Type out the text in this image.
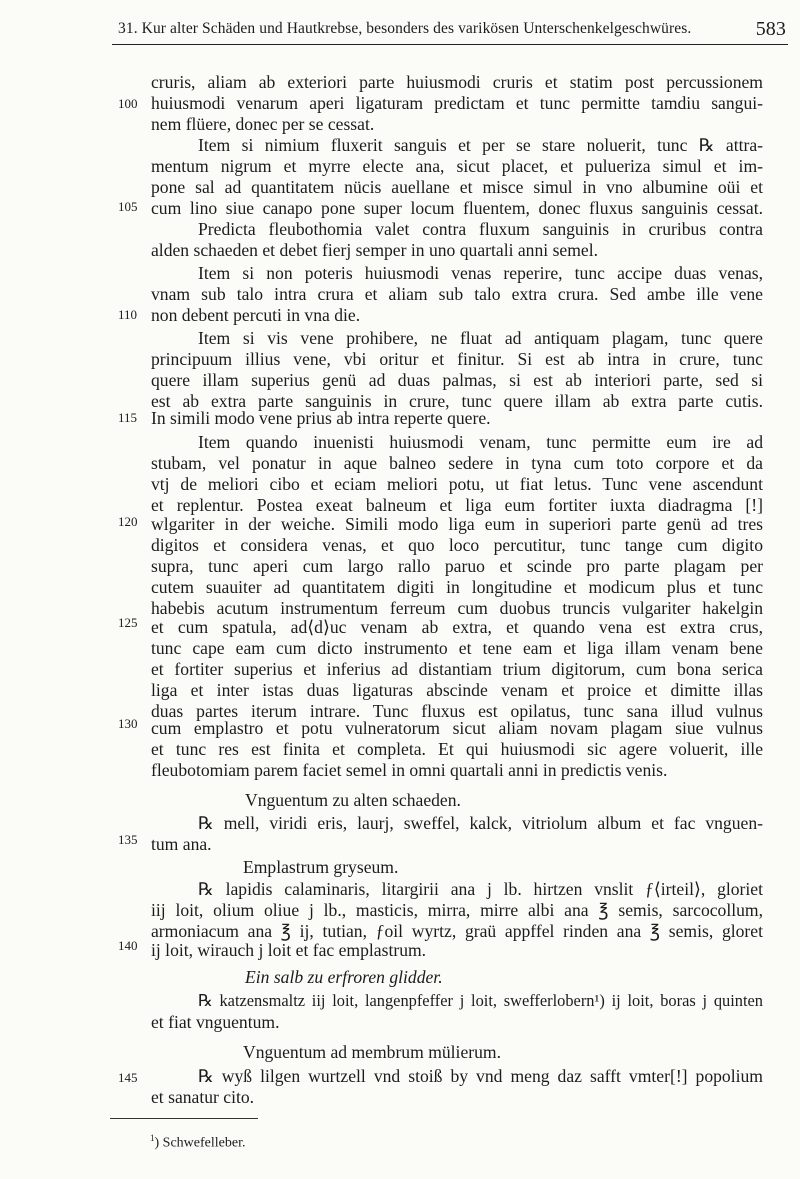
31. Kur alter Schäden und Hautkrebse, besonders des varikösen Unterschenkelgeschwüres.	583
100
105
110
115
120
125
130
135
140
145
cruris, aliam ab exteriori parte huiusmodi cruris et statim post percussionem
huiusmodi venarum aperi ligaturam predictam et tunc permitte tamdiu sangui-
nem flüere, donec per se cessat.
Item si nimium fluxerit sanguis et per se stare noluerit, tunc ℞ attra-
mentum nigrum et myrre electe ana, sicut placet, et pulueriza simul et im-
pone sal ad quantitatem nücis auellane et misce simul in vno albumine oüi et
cum lino siue canapo pone super locum fluentem, donec fluxus sanguinis cessat.
Predicta fleubothomia valet contra fluxum sanguinis in cruribus contra
alden schaeden et debet fierj semper in uno quartali anni semel.
Item si non poteris huiusmodi venas reperire, tunc accipe duas venas,
vnam sub talo intra crura et aliam sub talo extra crura. Sed ambe ille vene
non debent percuti in vna die.
Item si vis vene prohibere, ne fluat ad antiquam plagam, tunc quere
principuum illius vene, vbi oritur et finitur. Si est ab intra in crure, tunc
quere illam superius genü ad duas palmas, si est ab interiori parte, sed si
est ab extra parte sanguinis in crure, tunc quere illam ab extra parte cutis.
In simili modo vene prius ab intra reperte quere.
Item quando inuenisti huiusmodi venam, tunc permitte eum ire ad
stubam, vel ponatur in aque balneo sedere in tyna cum toto corpore et da
vtj de meliori cibo et eciam meliori potu, ut fiat letus. Tunc vene ascendunt
et replentur. Postea exeat balneum et liga eum fortiter iuxta diadragma [!]
wlgariter in der weiche. Simili modo liga eum in superiori parte genü ad tres
digitos et considera venas, et quo loco percutitur, tunc tange cum digito
supra, tunc aperi cum largo rallo paruo et scinde pro parte plagam per
cutem suauiter ad quantitatem digiti in longitudine et modicum plus et tunc
habebis acutum instrumentum ferreum cum duobus truncis vulgariter hakelgin
et cum spatula, ad⟨d⟩uc venam ab extra, et quando vena est extra crus,
tunc cape eam cum dicto instrumento et tene eam et liga illam venam bene
et fortiter superius et inferius ad distantiam trium digitorum, cum bona serica
liga et inter istas duas ligaturas abscinde venam et proice et dimitte illas
duas partes iterum intrare. Tunc fluxus est opilatus, tunc sana illud vulnus
cum emplastro et potu vulneratorum sicut aliam novam plagam siue vulnus
et tunc res est finita et completa. Et qui huiusmodi sic agere voluerit, ille
fleubotomiam parem faciet semel in omni quartali anni in predictis venis.
Vnguentum zu alten schaeden.
℞ mell, viridi eris, laurj, sweffel, kalck, vitriolum album et fac vnguen-
tum ana.
Emplastrum gryseum.
℞ lapidis calaminaris, litargirii ana j lb. hirtzen vnslit ƒ⟨irteil⟩, gloriet
iij loit, olium oliue j lb., masticis, mirra, mirre albi ana ℥ semis, sarcocollum,
armoniacum ana ℥ ij, tutian, ƒoil wyrtz, graü appffel rinden ana ℥ semis, gloret
ij loit, wirauch j loit et fac emplastrum.
Ein salb zu erfroren glidder.
℞ katzensmaltz iij loit, langenpfeffer j loit, swefferlobern¹) ij loit, boras j quinten
et fiat vnguentum.
Vnguentum ad membrum mülierum.
℞ wyß lilgen wurtzell vnd stoiß by vnd meng daz safft vmter[!] popolium
et sanatur cito.
$^1$) Schwefelleber.
